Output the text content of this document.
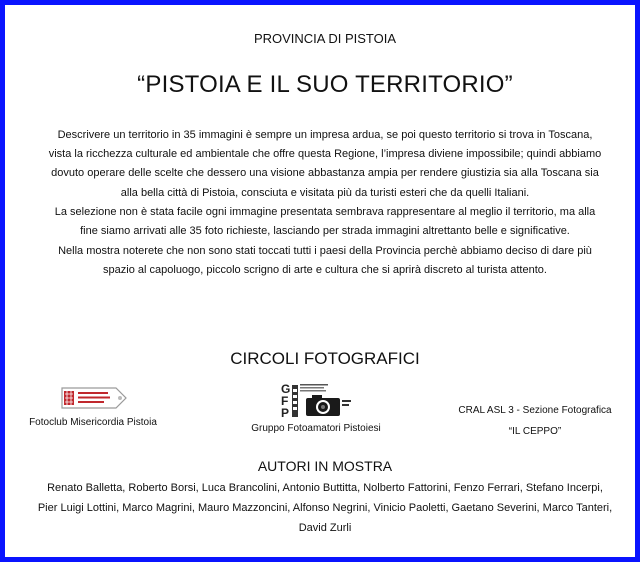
PROVINCIA DI PISTOIA
“PISTOIA E IL SUO TERRITORIO”
Descrivere un territorio in 35 immagini è sempre un impresa ardua, se poi questo territorio si trova in Toscana,
vista la ricchezza culturale ed ambientale che offre questa Regione, l’impresa diviene impossibile; quindi abbiamo
dovuto operare delle scelte che dessero una visione abbastanza ampia per rendere giustizia sia alla Toscana sia
alla bella città di Pistoia, consciuta e visitata più da turisti esteri che da quelli Italiani.
La selezione non è stata facile ogni immagine presentata sembrava rappresentare al meglio il territorio, ma alla
fine siamo arrivati alle 35 foto richieste, lasciando per strada immagini altrettanto belle e significative.
Nella mostra noterete che non sono stati toccati tutti i paesi della Provincia perchè abbiamo deciso di dare più
spazio al capoluogo, piccolo scrigno di arte e cultura che si aprirà discreto al turista attento.
CIRCOLI FOTOGRAFICI
Fotoclub Misericordia Pistoia
G
F
P
Gruppo Fotoamatori Pistoiesi
CRAL ASL 3 - Sezione Fotografica
“IL CEPPO”
AUTORI IN MOSTRA
Renato Balletta, Roberto Borsi, Luca Brancolini, Antonio Buttitta, Nolberto Fattorini, Fenzo Ferrari, Stefano Incerpi,
Pier Luigi Lottini, Marco Magrini, Mauro Mazzoncini, Alfonso Negrini, Vinicio Paoletti, Gaetano Severini, Marco Tanteri,
David Zurli
